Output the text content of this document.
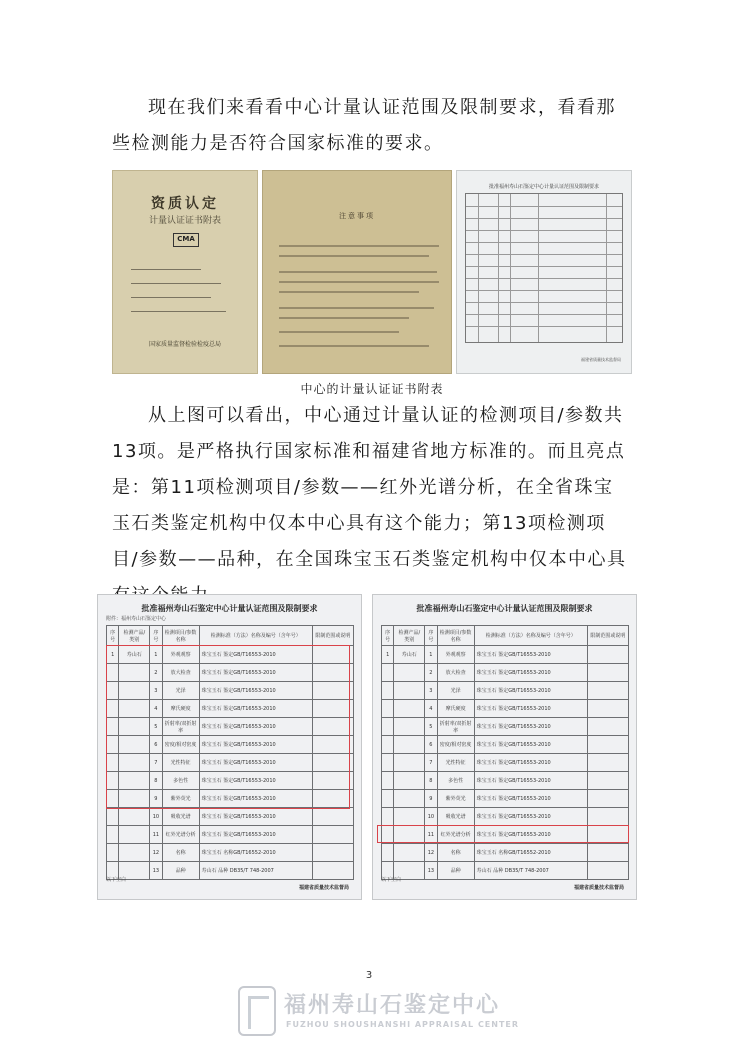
现在我们来看看中心计量认证范围及限制要求，看看那些检测能力是否符合国家标准的要求。

资质认定
计量认证证书附表
CMA
国家质量监督检验检疫总局
注意事项
批准福州寿山石鉴定中心计量认证范围及限制要求
福建省质量技术监督局
中心的计量认证证书附表

从上图可以看出，中心通过计量认证的检测项目/参数共13项。是严格执行国家标准和福建省地方标准的。而且亮点是：第11项检测项目/参数——红外光谱分析，在全省珠宝玉石类鉴定机构中仅本中心具有这个能力；第13项检测项目/参数——品种，在全国珠宝玉石类鉴定机构中仅本中心具

批准福州寿山石鉴定中心计量认证范围及限制要求
附件：福州寿山石鉴定中心
序号	检测产品/类别	序号	检测项目/参数名称	检测标准（方法）名称及编号（含年号）	限制范围或说明
1	寿山石	1	外观观察	珠宝玉石 鉴定GB/T16553-2010	
		2	放大检查	珠宝玉石 鉴定GB/T16553-2010	
		3	光泽	珠宝玉石 鉴定GB/T16553-2010	
		4	摩氏硬度	珠宝玉石 鉴定GB/T16553-2010	
		5	折射率/双折射率	珠宝玉石 鉴定GB/T16553-2010	
		6	密度/相对密度	珠宝玉石 鉴定GB/T16553-2010	
		7	光性特征	珠宝玉石 鉴定GB/T16553-2010	
		8	多色性	珠宝玉石 鉴定GB/T16553-2010	
		9	紫外荧光	珠宝玉石 鉴定GB/T16553-2010	
		10	吸收光谱	珠宝玉石 鉴定GB/T16553-2010	
		11	红外光谱分析	珠宝玉石 鉴定GB/T16553-2010	
		12	名称	珠宝玉石 名称GB/T16552-2010	
		13	品种	寿山石 品种 DB35/T 748-2007	
以下空白
福建省质量技术监督局
批准福州寿山石鉴定中心计量认证范围及限制要求
序号	检测产品/类别	序号	检测项目/参数名称	检测标准（方法）名称及编号（含年号）	限制范围或说明
1	寿山石	1	外观观察	珠宝玉石 鉴定GB/T16553-2010	
		2	放大检查	珠宝玉石 鉴定GB/T16553-2010	
		3	光泽	珠宝玉石 鉴定GB/T16553-2010	
		4	摩氏硬度	珠宝玉石 鉴定GB/T16553-2010	
		5	折射率/双折射率	珠宝玉石 鉴定GB/T16553-2010	
		6	密度/相对密度	珠宝玉石 鉴定GB/T16553-2010	
		7	光性特征	珠宝玉石 鉴定GB/T16553-2010	
		8	多色性	珠宝玉石 鉴定GB/T16553-2010	
		9	紫外荧光	珠宝玉石 鉴定GB/T16553-2010	
		10	吸收光谱	珠宝玉石 鉴定GB/T16553-2010	
		11	红外光谱分析	珠宝玉石 鉴定GB/T16553-2010	
		12	名称	珠宝玉石 名称GB/T16552-2010	
		13	品种	寿山石 品种 DB35/T 748-2007	
以下空白
福建省质量技术监督局
3
福州寿山石鉴定中心
FUZHOU SHOUSHANSHI APPRAISAL CENTER
